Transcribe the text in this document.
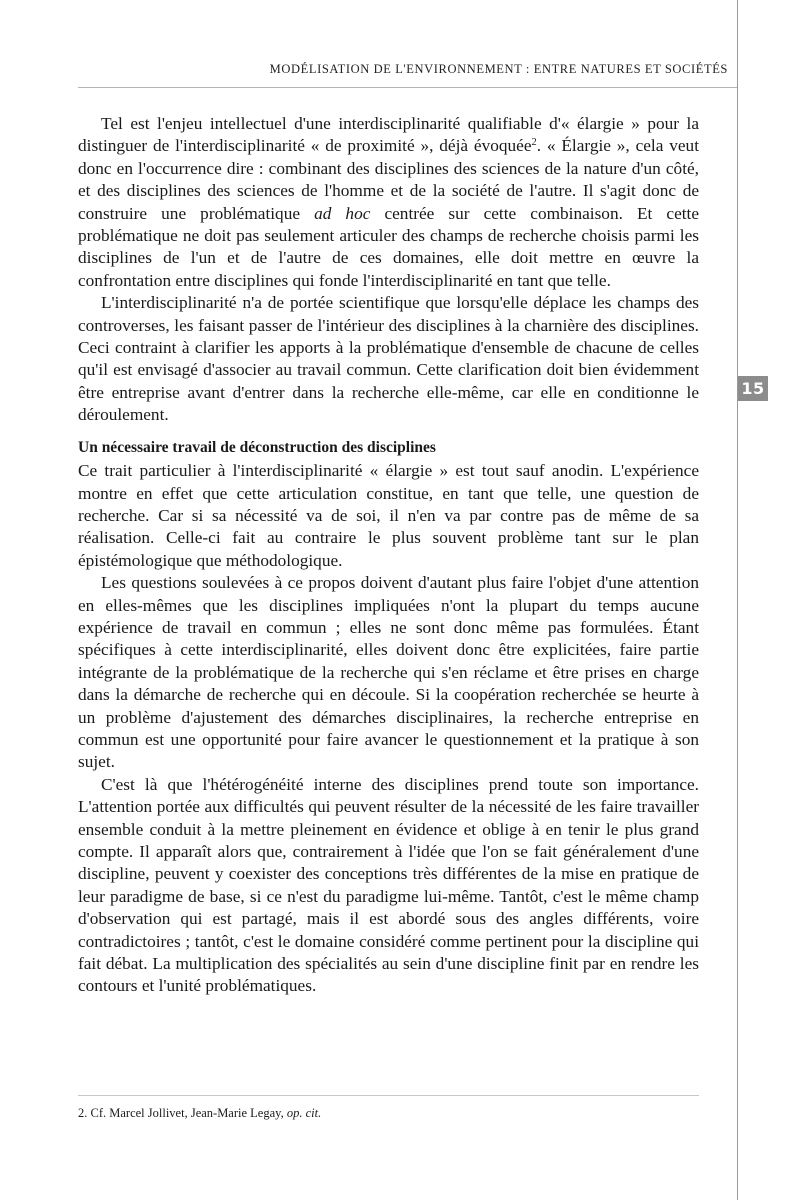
15
MODÉLISATION DE L'ENVIRONNEMENT : ENTRE NATURES ET SOCIÉTÉS

Tel est l'enjeu intellectuel d'une interdisciplinarité qualifiable d'« élargie » pour la distinguer de l'interdisciplinarité « de proximité », déjà évoquée$^2$. « Élargie », cela veut donc en l'occurrence dire : combinant des disciplines des sciences de la nature d'un côté, et des disciplines des sciences de l'homme et de la société de l'autre. Il s'agit donc de construire une problématique ad hoc centrée sur cette combinaison. Et cette problématique ne doit pas seulement articuler des champs de recherche choisis parmi les disciplines de l'un et de l'autre de ces domaines, elle doit mettre en œuvre la confrontation entre disciplines qui fonde l'interdisciplinarité en tant que telle.

L'interdisciplinarité n'a de portée scientifique que lorsqu'elle déplace les champs des controverses, les faisant passer de l'intérieur des disciplines à la charnière des disciplines. Ceci contraint à clarifier les apports à la problématique d'ensemble de chacune de celles qu'il est envisagé d'associer au travail commun. Cette clarification doit bien évidemment être entreprise avant d'entrer dans la recherche elle-même, car elle en conditionne le déroulement.

Un nécessaire travail de déconstruction des disciplines

Ce trait particulier à l'interdisciplinarité « élargie » est tout sauf anodin. L'expérience montre en effet que cette articulation constitue, en tant que telle, une question de recherche. Car si sa nécessité va de soi, il n'en va par contre pas de même de sa réalisation. Celle-ci fait au contraire le plus souvent problème tant sur le plan épistémologique que méthodologique.

Les questions soulevées à ce propos doivent d'autant plus faire l'objet d'une attention en elles-mêmes que les disciplines impliquées n'ont la plupart du temps aucune expérience de travail en commun ; elles ne sont donc même pas formulées. Étant spécifiques à cette interdisciplinarité, elles doivent donc être explicitées, faire partie intégrante de la problématique de la recherche qui s'en réclame et être prises en charge dans la démarche de recherche qui en découle. Si la coopération recherchée se heurte à un problème d'ajustement des démarches disciplinaires, la recherche entreprise en commun est une opportunité pour faire avancer le questionnement et la pratique à son sujet.

C'est là que l'hétérogénéité interne des disciplines prend toute son importance. L'attention portée aux difficultés qui peuvent résulter de la nécessité de les faire travailler ensemble conduit à la mettre pleinement en évidence et oblige à en tenir le plus grand compte. Il apparaît alors que, contrairement à l'idée que l'on se fait généralement d'une discipline, peuvent y coexister des conceptions très différentes de la mise en pratique de leur paradigme de base, si ce n'est du paradigme lui-même. Tantôt, c'est le même champ d'observation qui est partagé, mais il est abordé sous des angles différents, voire contradictoires ; tantôt, c'est le domaine considéré comme pertinent pour la discipline qui fait débat. La multiplication des spécialités au sein d'une discipline finit par en rendre les contours et l'unité problématiques.

2. Cf. Marcel Jollivet, Jean-Marie Legay, op. cit.
